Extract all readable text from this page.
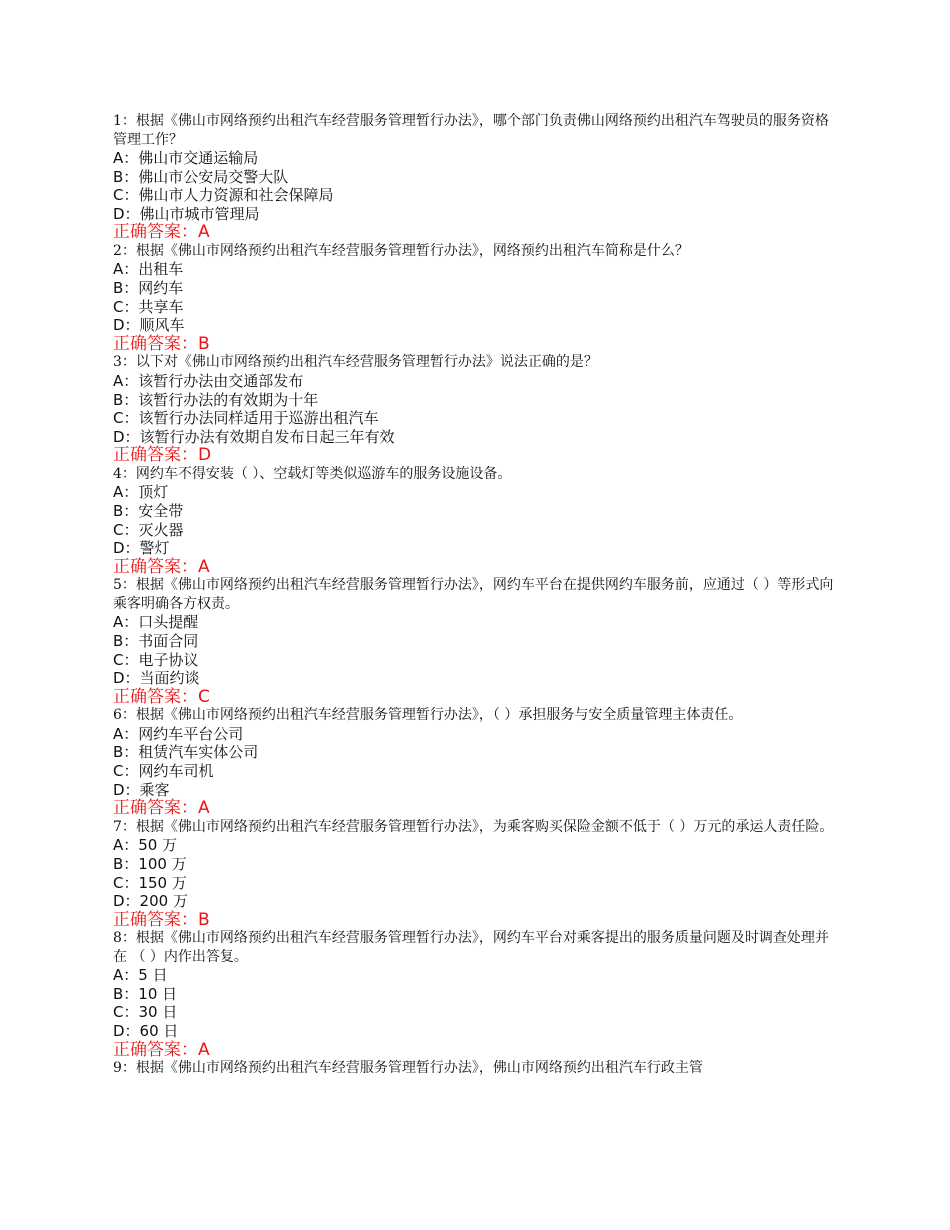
1：根据《佛山市网络预约出租汽车经营服务管理暂行办法》，哪个部门负责佛山网络预约出租汽车驾驶员的服务资格管理工作？

A：佛山市交通运输局

B：佛山市公安局交警大队

C：佛山市人力资源和社会保障局

D：佛山市城市管理局

正确答案：A

2：根据《佛山市网络预约出租汽车经营服务管理暂行办法》，网络预约出租汽车简称是什么？

A：出租车

B：网约车

C：共享车

D：顺风车

正确答案：B

3：以下对《佛山市网络预约出租汽车经营服务管理暂行办法》说法正确的是？

A：该暂行办法由交通部发布

B：该暂行办法的有效期为十年

C：该暂行办法同样适用于巡游出租汽车

D：该暂行办法有效期自发布日起三年有效

正确答案：D

4：网约车不得安装（ ）、空载灯等类似巡游车的服务设施设备。

A：顶灯

B：安全带

C：灭火器

D：警灯

正确答案：A

5：根据《佛山市网络预约出租汽车经营服务管理暂行办法》，网约车平台在提供网约车服务前，应通过（ ）等形式向乘客明确各方权责。

A：口头提醒

B：书面合同

C：电子协议

D：当面约谈

正确答案：C

6：根据《佛山市网络预约出租汽车经营服务管理暂行办法》，（ ）承担服务与安全质量管理主体责任。

A：网约车平台公司

B：租赁汽车实体公司

C：网约车司机

D：乘客

正确答案：A

7：根据《佛山市网络预约出租汽车经营服务管理暂行办法》，为乘客购买保险金额不低于（ ）万元的承运人责任险。

A：50 万

B：100 万

C：150 万

D：200 万

正确答案：B

8：根据《佛山市网络预约出租汽车经营服务管理暂行办法》，网约车平台对乘客提出的服务质量问题及时调查处理并在 （ ）内作出答复。

A：5 日

B：10 日

C：30 日

D：60 日

正确答案：A

9：根据《佛山市网络预约出租汽车经营服务管理暂行办法》，佛山市网络预约出租汽车行政主管
